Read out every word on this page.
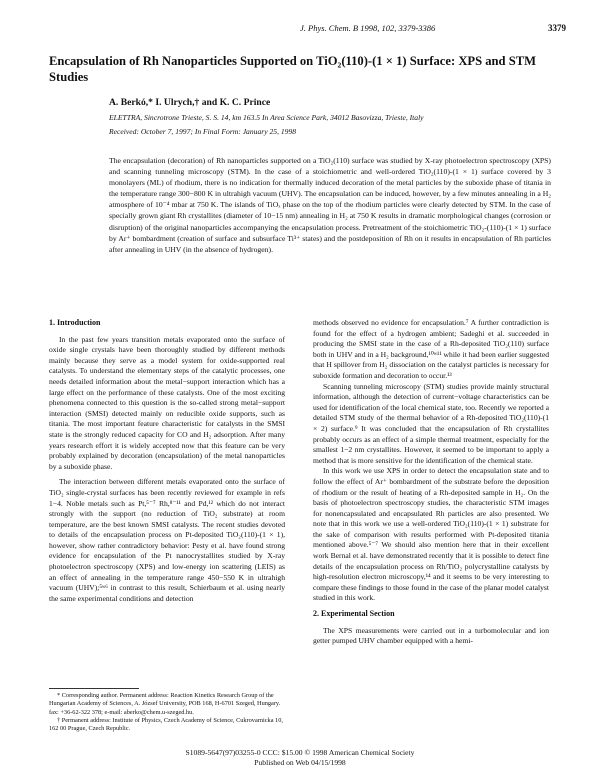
J. Phys. Chem. B 1998, 102, 3379-3386	3379
Encapsulation of Rh Nanoparticles Supported on TiO₂(110)-(1 × 1) Surface: XPS and STM Studies
A. Berkó,* I. Ulrych,† and K. C. Prince
ELETTRA, Sincrotrone Trieste, S. S. 14, km 163.5 In Area Science Park, 34012 Basovizza, Trieste, Italy
Received: October 7, 1997; In Final Form: January 25, 1998
The encapsulation (decoration) of Rh nanoparticles supported on a TiO₂(110) surface was studied by X-ray photoelectron spectroscopy (XPS) and scanning tunneling microscopy (STM). In the case of a stoichiometric and well-ordered TiO₂(110)-(1 × 1) surface covered by 3 monolayers (ML) of rhodium, there is no indication for thermally induced decoration of the metal particles by the suboxide phase of titania in the temperature range 300−800 K in ultrahigh vacuum (UHV). The encapsulation can be induced, however, by a few minutes annealing in a H₂ atmosphere of 10⁻⁴ mbar at 750 K. The islands of TiOₓ phase on the top of the rhodium particles were clearly detected by STM. In the case of specially grown giant Rh crystallites (diameter of 10−15 nm) annealing in H₂ at 750 K results in dramatic morphological changes (corrosion or disruption) of the original nanoparticles accompanying the encapsulation process. Pretreatment of the stoichiometric TiO₂-(110)-(1 × 1) surface by Ar⁺ bombardment (creation of surface and subsurface Ti³⁺ states) and the postdeposition of Rh on it results in encapsulation of Rh particles after annealing in UHV (in the absence of hydrogen).

1. Introduction

In the past few years transition metals evaporated onto the surface of oxide single crystals have been thoroughly studied by different methods mainly because they serve as a model system for oxide-supported real catalysts. To understand the elementary steps of the catalytic processes, one needs detailed information about the metal−support interaction which has a large effect on the performance of these catalysts. One of the most exciting phenomena connected to this question is the so-called strong metal−support interaction (SMSI) detected mainly on reducible oxide supports, such as titania. The most important feature characteristic for catalysts in the SMSI state is the strongly reduced capacity for CO and H₂ adsorption. After many years research effort it is widely accepted now that this feature can be very probably explained by decoration (encapsulation) of the metal nanoparticles by a suboxide phase.

The interaction between different metals evaporated onto the surface of TiO₂ single-crystal surfaces has been recently reviewed for example in refs 1−4. Noble metals such as Pt,⁵⁻⁷ Rh,⁸⁻¹¹ and Pd,¹² which do not interact strongly with the support (no reduction of TiO₂ substrate) at room temperature, are the best known SMSI catalysts. The recent studies devoted to details of the encapsulation process on Pt-deposited TiO₂(110)-(1 × 1), however, show rather contradictory behavior: Pesty et al. have found strong evidence for encapsulation of the Pt nanocrystallites studied by X-ray photoelectron spectroscopy (XPS) and low-energy ion scattering (LEIS) as an effect of annealing in the temperature range 450−550 K in ultrahigh vacuum (UHV);⁵ʷ⁶ in contrast to this result, Schierbaum et al. using nearly the same experimental conditions and detection

methods observed no evidence for encapsulation.⁷ A further contradiction is found for the effect of a hydrogen ambient; Sadeghi et al. succeeded in producing the SMSI state in the case of a Rh-deposited TiO₂(110) surface both in UHV and in a H₂ background,¹⁰ʷ¹¹ while it had been earlier suggested that H spillover from H₂ dissociation on the catalyst particles is necessary for suboxide formation and decoration to occur.¹³

Scanning tunneling microscopy (STM) studies provide mainly structural information, although the detection of current−voltage characteristics can be used for identification of the local chemical state, too. Recently we reported a detailed STM study of the thermal behavior of a Rh-deposited TiO₂(110)-(1 × 2) surface.⁹ It was concluded that the encapsulation of Rh crystallites probably occurs as an effect of a simple thermal treatment, especially for the smallest 1−2 nm crystallites. However, it seemed to be important to apply a method that is more sensitive for the identification of the chemical state.

In this work we use XPS in order to detect the encapsulation state and to follow the effect of Ar⁺ bombardment of the substrate before the deposition of rhodium or the result of heating of a Rh-deposited sample in H₂. On the basis of photoelectron spectroscopy studies, the characteristic STM images for nonencapsulated and encapsulated Rh particles are also presented. We note that in this work we use a well-ordered TiO₂(110)-(1 × 1) substrate for the sake of comparison with results performed with Pt-deposited titania mentioned above.⁵⁻⁷ We should also mention here that in their excellent work Bernal et al. have demonstrated recently that it is possible to detect fine details of the encapsulation process on Rh/TiO₂ polycrystalline catalysts by high-resolution electron microscopy,¹⁴ and it seems to be very interesting to compare these findings to those found in the case of the planar model catalyst studied in this work.

2. Experimental Section

The XPS measurements were carried out in a turbomolecular and ion getter pumped UHV chamber equipped with a hemi-

* Corresponding author. Permanent address: Reaction Kinetics Research Group of the Hungarian Academy of Sciences, A. József University, POB 168, H-6701 Szeged, Hungary. fax: +36-62-322 378; e-mail: aberko@chem.u-szeged.hu.

† Permanent address: Institute of Physics, Czech Academy of Science, Cukrovarnicka 10, 162 00 Prague, Czech Republic.

S1089-5647(97)03255-0 CCC: $15.00 © 1998 American Chemical Society
Published on Web 04/15/1998
